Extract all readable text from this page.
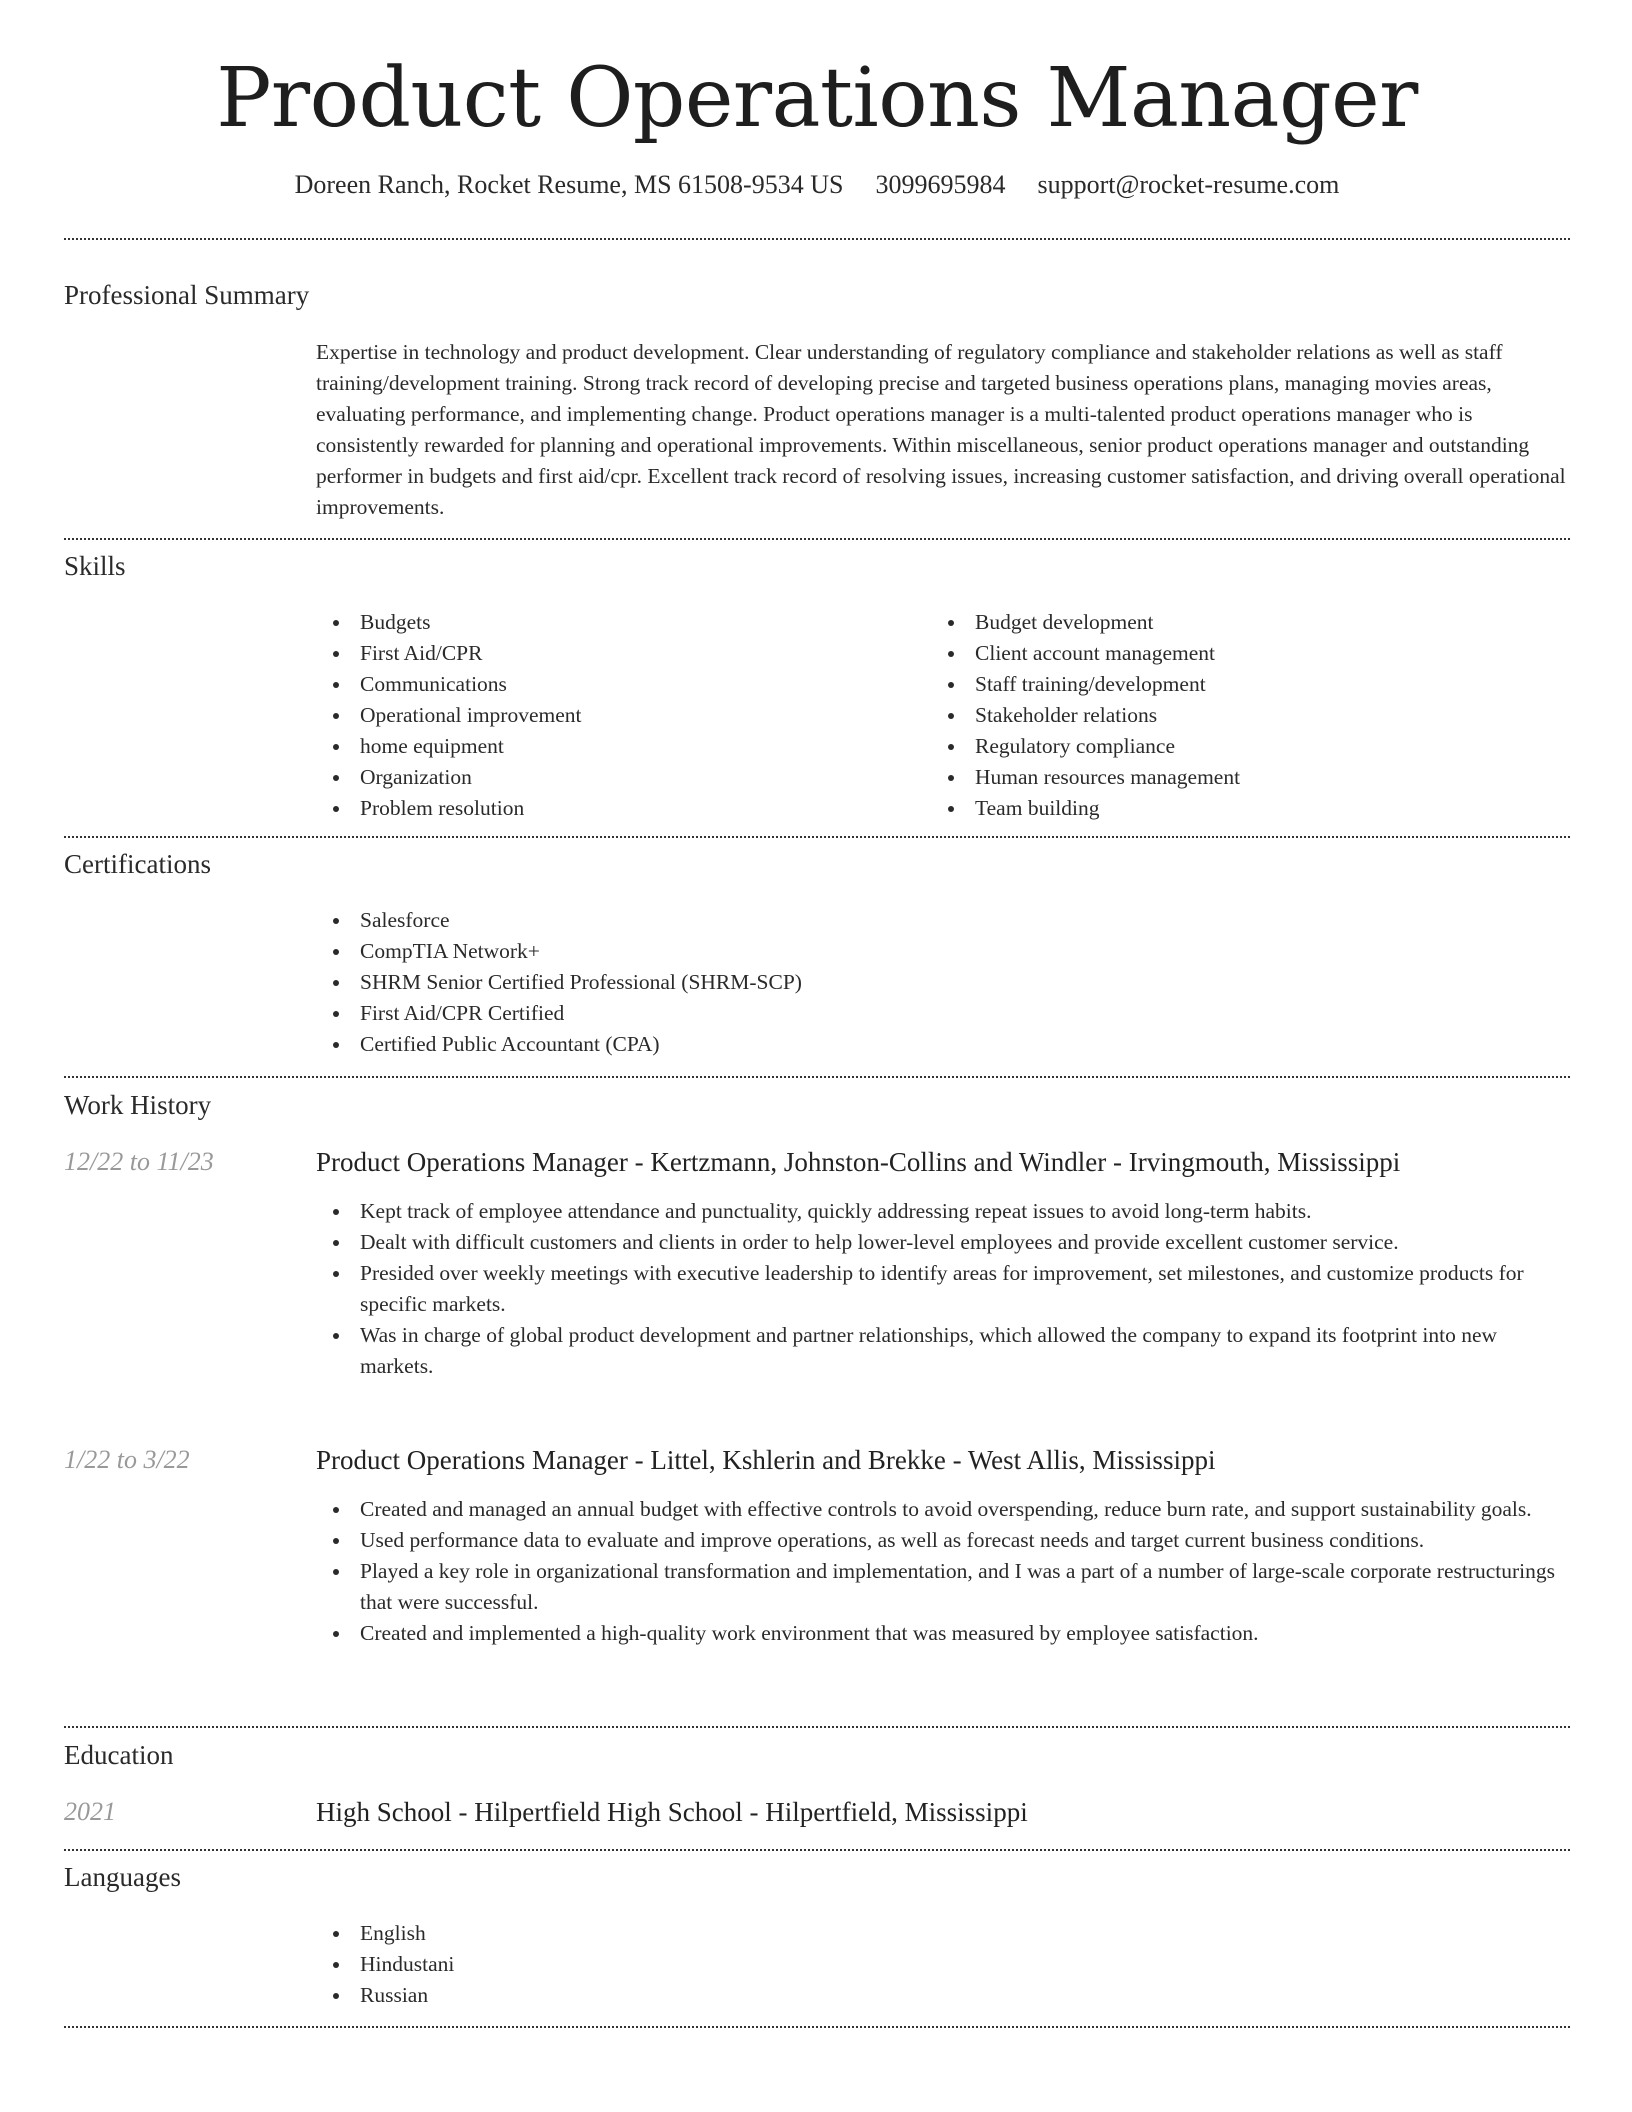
Product Operations Manager
Doreen Ranch, Rocket Resume, MS 61508-9534 US 3099695984 support@rocket-resume.com
Professional Summary
Expertise in technology and product development. Clear understanding of regulatory compliance and stakeholder relations as well as staff training/development training. Strong track record of developing precise and targeted business operations plans, managing movies areas, evaluating performance, and implementing change. Product operations manager is a multi-talented product operations manager who is consistently rewarded for planning and operational improvements. Within miscellaneous, senior product operations manager and outstanding performer in budgets and first aid/cpr. Excellent track record of resolving issues, increasing customer satisfaction, and driving overall operational improvements.
Skills
Budgets
First Aid/CPR
Communications
Operational improvement
home equipment
Organization
Problem resolution
Budget development
Client account management
Staff training/development
Stakeholder relations
Regulatory compliance
Human resources management
Team building
Certifications
Salesforce
CompTIA Network+
SHRM Senior Certified Professional (SHRM-SCP)
First Aid/CPR Certified
Certified Public Accountant (CPA)
Work History
12/22 to 11/23	Product Operations Manager - Kertzmann, Johnston-Collins and Windler - Irvingmouth, Mississippi
Kept track of employee attendance and punctuality, quickly addressing repeat issues to avoid long-term habits.
Dealt with difficult customers and clients in order to help lower-level employees and provide excellent customer service.
Presided over weekly meetings with executive leadership to identify areas for improvement, set milestones, and customize products for specific markets.
Was in charge of global product development and partner relationships, which allowed the company to expand its footprint into new markets.
1/22 to 3/22	Product Operations Manager - Littel, Kshlerin and Brekke - West Allis, Mississippi
Created and managed an annual budget with effective controls to avoid overspending, reduce burn rate, and support sustainability goals.
Used performance data to evaluate and improve operations, as well as forecast needs and target current business conditions.
Played a key role in organizational transformation and implementation, and I was a part of a number of large-scale corporate restructurings that were successful.
Created and implemented a high-quality work environment that was measured by employee satisfaction.
Education
2021	High School - Hilpertfield High School - Hilpertfield, Mississippi
Languages
English
Hindustani
Russian
